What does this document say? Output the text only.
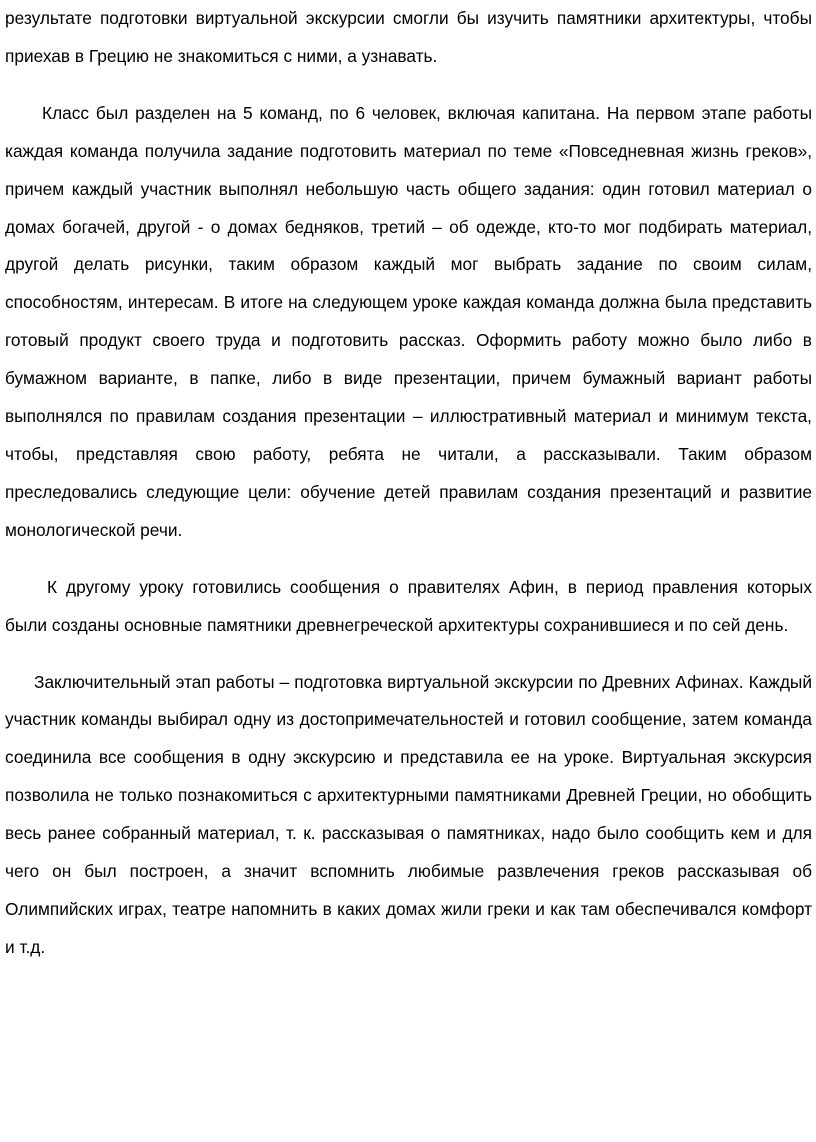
результате подготовки виртуальной экскурсии смогли бы изучить памятники архитектуры, чтобы приехав в Грецию не знакомиться с ними, а узнавать.

Класс был разделен на 5 команд, по 6 человек, включая капитана. На первом этапе работы каждая команда получила задание подготовить материал по теме «Повседневная жизнь греков», причем каждый участник выполнял небольшую часть общего задания: один готовил материал о домах богачей, другой - о домах бедняков, третий – об одежде, кто-то мог подбирать материал, другой делать рисунки, таким образом каждый мог выбрать задание по своим силам, способностям, интересам. В итоге на следующем уроке каждая команда должна была представить готовый продукт своего труда и подготовить рассказ. Оформить работу можно было либо в бумажном варианте, в папке, либо в виде презентации, причем бумажный вариант работы выполнялся по правилам создания презентации – иллюстративный материал и минимум текста, чтобы, представляя свою работу, ребята не читали, а рассказывали. Таким образом преследовались следующие цели: обучение детей правилам создания презентаций и развитие монологической речи.

К другому уроку готовились сообщения о правителях Афин, в период правления которых были созданы основные памятники древнегреческой архитектуры сохранившиеся и по сей день.

Заключительный этап работы – подготовка виртуальной экскурсии по Древних Афинах. Каждый участник команды выбирал одну из достопримечательностей и готовил сообщение, затем команда соединила все сообщения в одну экскурсию и представила ее на уроке. Виртуальная экскурсия позволила не только познакомиться с архитектурными памятниками Древней Греции, но обобщить весь ранее собранный материал, т. к. рассказывая о памятниках, надо было сообщить кем и для чего он был построен, а значит вспомнить любимые развлечения греков рассказывая об Олимпийских играх, театре напомнить в каких домах жили греки и как там обеспечивался комфорт и т.д.
